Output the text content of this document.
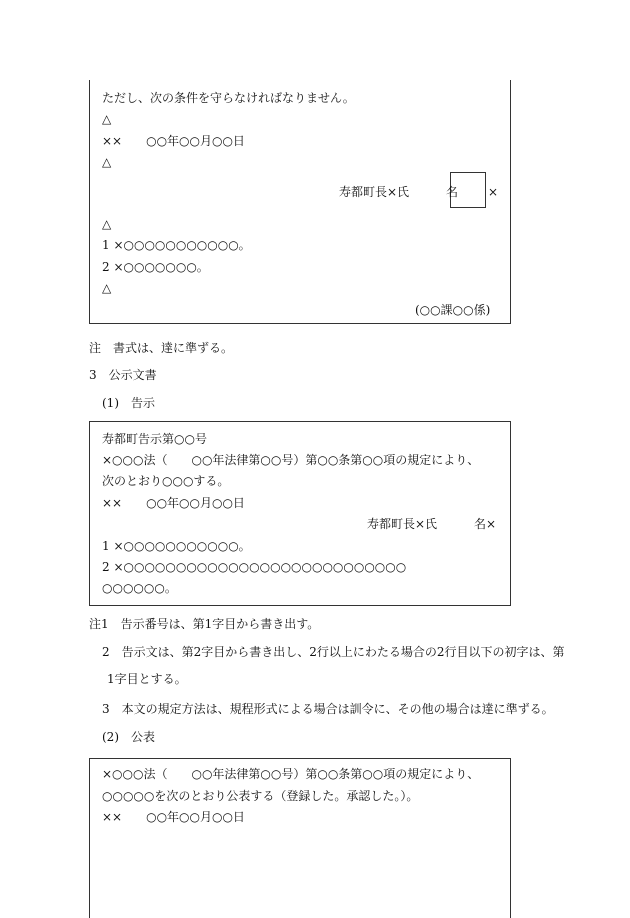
ただし、次の条件を守らなければなりません。
△
××　　○○年○○月○○日
△
寿都町長×氏	名 ×
△
1 ×○○○○○○○○○○○。
2 ×○○○○○○○。
△
(○○課○○係)
注　書式は、達に準ずる。
3　公示文書
(1)　告示
寿都町告示第○○号
×○○○法（　　○○年法律第○○号）第○○条第○○項の規定により、
次のとおり○○○する。
××　　○○年○○月○○日
寿都町長×氏	名×
1 ×○○○○○○○○○○○。
2 ×○○○○○○○○○○○○○○○○○○○○○○○○○○○
○○○○○○。
注1　告示番号は、第1字目から書き出す。
2　告示文は、第2字目から書き出し、2行以上にわたる場合の2行目以下の初字は、第
1字目とする。
3　本文の規定方法は、規程形式による場合は訓令に、その他の場合は達に準ずる。
(2)　公表
×○○○法（　　○○年法律第○○号）第○○条第○○項の規定により、
○○○○○を次のとおり公表する（登録した。承認した。）。
××　　○○年○○月○○日
